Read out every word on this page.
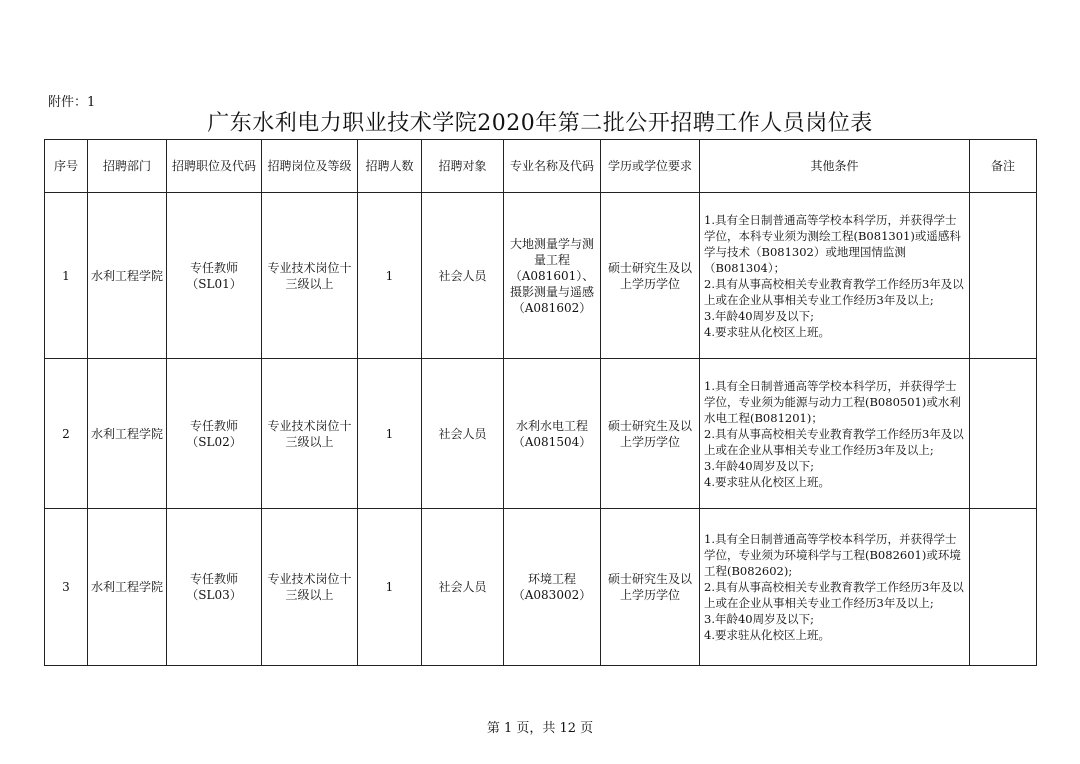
附件：1
广东水利电力职业技术学院2020年第二批公开招聘工作人员岗位表
序号	招聘部门	招聘职位及代码	招聘岗位及等级	招聘人数	招聘对象	专业名称及代码	学历或学位要求	其他条件	备注
1	水利工程学院	专任教师（SL01）	专业技术岗位十三级以上	1	社会人员	大地测量学与测量工程（A081601）、摄影测量与遥感（A081602）	硕士研究生及以上学历学位	1.具有全日制普通高等学校本科学历，并获得学士学位，本科专业须为测绘工程(B081301)或遥感科学与技术（B081302）或地理国情监测（B081304）；
2.具有从事高校相关专业教育教学工作经历3年及以上或在企业从事相关专业工作经历3年及以上;
3.年龄40周岁及以下;
4.要求驻从化校区上班。	

2	水利工程学院	专任教师（SL02）	专业技术岗位十三级以上	1	社会人员	水利水电工程（A081504）	硕士研究生及以上学历学位	1.具有全日制普通高等学校本科学历，并获得学士学位，专业须为能源与动力工程(B080501)或水利水电工程(B081201)；
2.具有从事高校相关专业教育教学工作经历3年及以上或在企业从事相关专业工作经历3年及以上;
3.年龄40周岁及以下;
4.要求驻从化校区上班。	

3	水利工程学院	专任教师（SL03）	专业技术岗位十三级以上	1	社会人员	环境工程（A083002）	硕士研究生及以上学历学位	1.具有全日制普通高等学校本科学历，并获得学士学位，专业须为环境科学与工程(B082601)或环境工程(B082602);
2.具有从事高校相关专业教育教学工作经历3年及以上或在企业从事相关专业工作经历3年及以上;
3.年龄40周岁及以下;
4.要求驻从化校区上班。	

第 1 页，共 12 页
